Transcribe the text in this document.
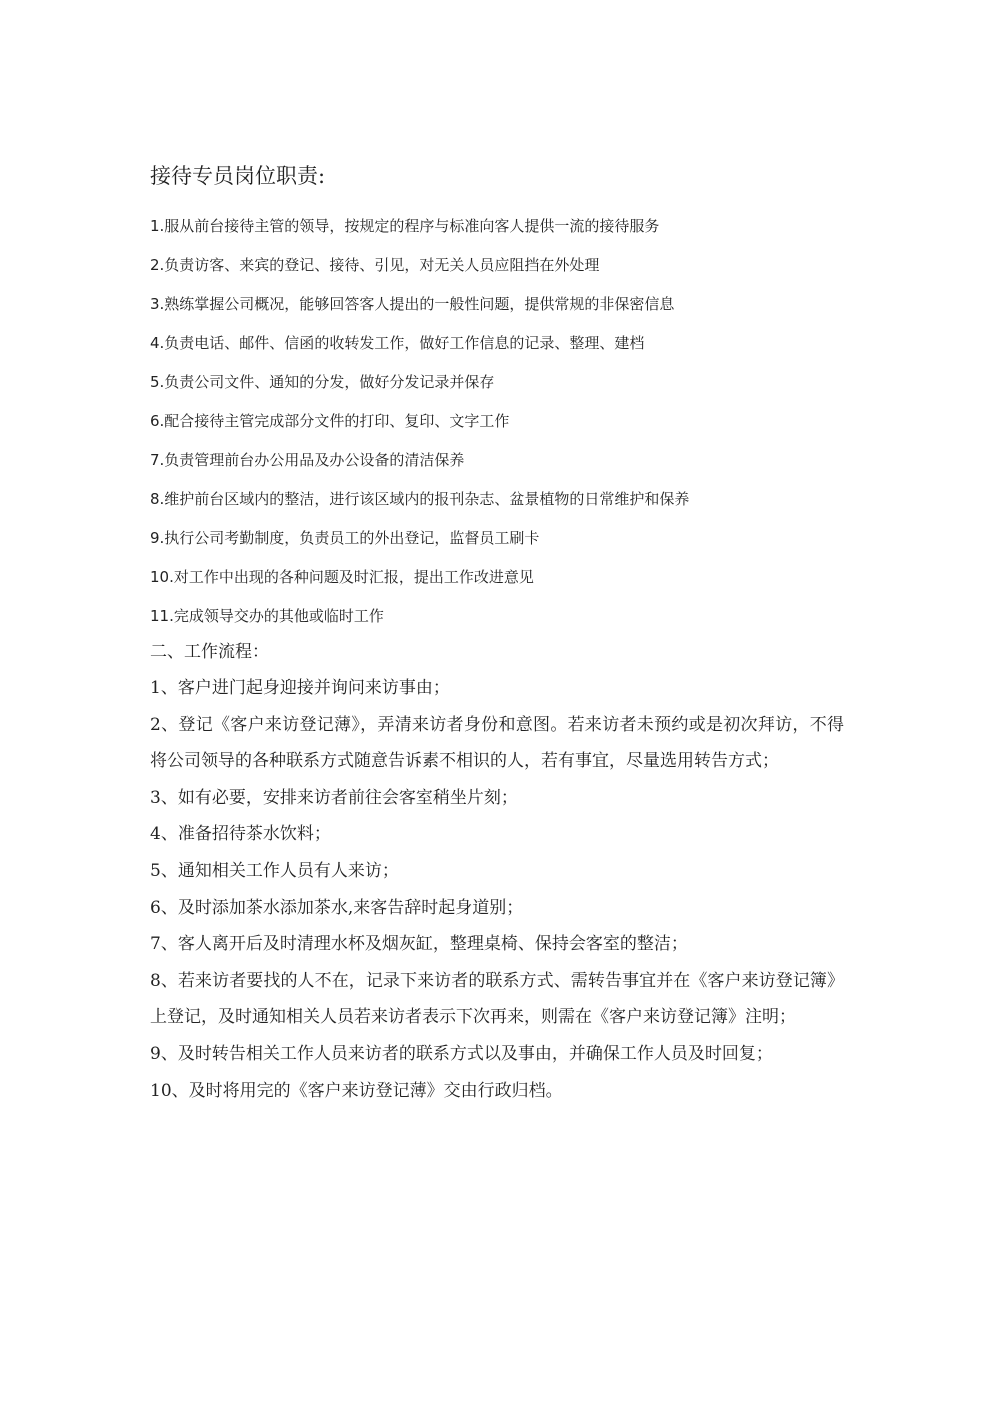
接待专员岗位职责:
1.服从前台接待主管的领导，按规定的程序与标准向客人提供一流的接待服务
2.负责访客、来宾的登记、接待、引见，对无关人员应阻挡在外处理
3.熟练掌握公司概况，能够回答客人提出的一般性问题，提供常规的非保密信息
4.负责电话、邮件、信函的收转发工作，做好工作信息的记录、整理、建档
5.负责公司文件、通知的分发，做好分发记录并保存
6.配合接待主管完成部分文件的打印、复印、文字工作
7.负责管理前台办公用品及办公设备的清洁保养
8.维护前台区域内的整洁，进行该区域内的报刊杂志、盆景植物的日常维护和保养
9.执行公司考勤制度，负责员工的外出登记，监督员工刷卡
10.对工作中出现的各种问题及时汇报，提出工作改进意见
11.完成领导交办的其他或临时工作
二、工作流程：
1、客户进门起身迎接并询问来访事由；
2、登记《客户来访登记薄》，弄清来访者身份和意图。若来访者未预约或是初次拜访，不得将公司领导的各种联系方式随意告诉素不相识的人，若有事宜，尽量选用转告方式；
3、如有必要，安排来访者前往会客室稍坐片刻；
4、准备招待茶水饮料；
5、通知相关工作人员有人来访；
6、及时添加茶水添加茶水,来客告辞时起身道别；
7、客人离开后及时清理水杯及烟灰缸，整理桌椅、保持会客室的整洁；
8、若来访者要找的人不在，记录下来访者的联系方式、需转告事宜并在《客户来访登记簿》上登记，及时通知相关人员若来访者表示下次再来，则需在《客户来访登记簿》注明；
9、及时转告相关工作人员来访者的联系方式以及事由，并确保工作人员及时回复；
10、及时将用完的《客户来访登记薄》交由行政归档。
